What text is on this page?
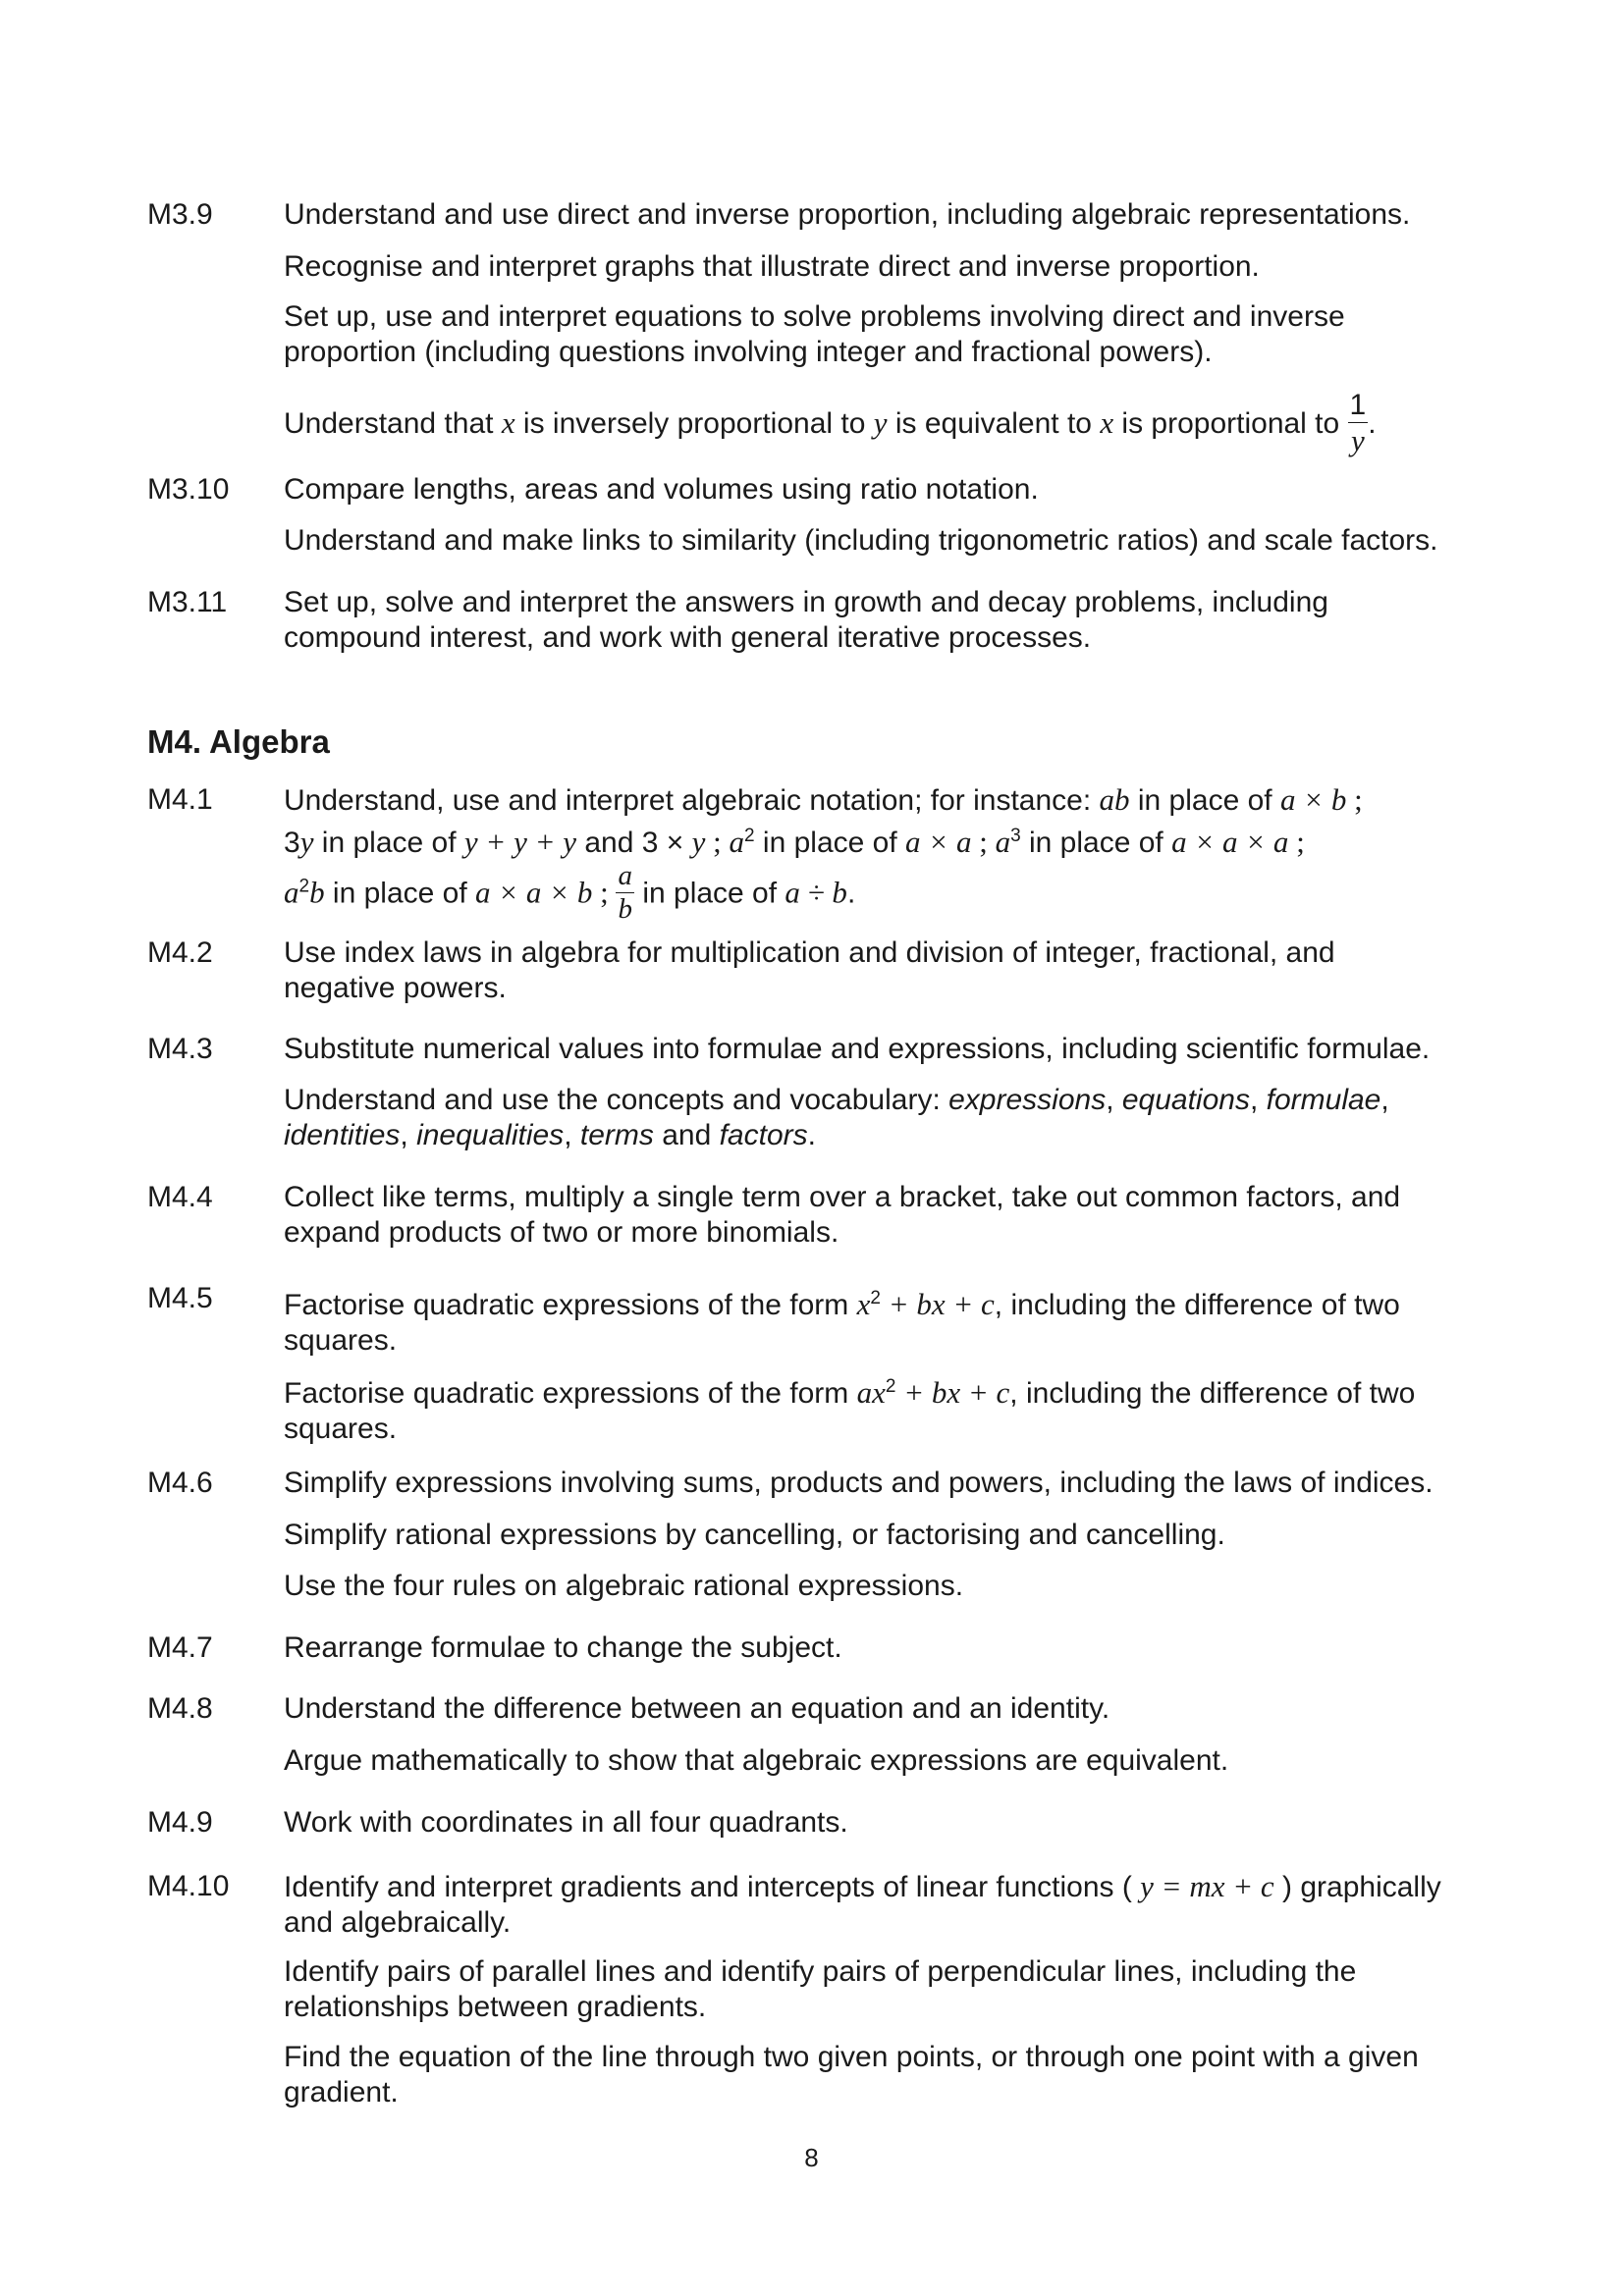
M3.9 Understand and use direct and inverse proportion, including algebraic representations.
Recognise and interpret graphs that illustrate direct and inverse proportion.
Set up, use and interpret equations to solve problems involving direct and inverse
proportion (including questions involving integer and fractional powers).
Understand that x is inversely proportional to y is equivalent to x is proportional to $\frac{1}{y}$ .
M3.10 Compare lengths, areas and volumes using ratio notation.
Understand and make links to similarity (including trigonometric ratios) and scale factors.
M3.11 Set up, solve and interpret the answers in growth and decay problems, including
compound interest, and work with general iterative processes.
M4. Algebra
M4.1 Understand, use and interpret algebraic notation; for instance: ab in place of a × b ;
3y in place of y + y + y and 3 × y ; $a^2$ in place of a × a ; $a^3$ in place of a × a × a ;
$a^2b$ in place of a × a × b ; $\frac{a}{b}$ in place of a ÷ b.
M4.2 Use index laws in algebra for multiplication and division of integer, fractional, and
negative powers.
M4.3 Substitute numerical values into formulae and expressions, including scientific formulae.
Understand and use the concepts and vocabulary: expressions, equations, formulae,
identities, inequalities, terms and factors.
M4.4 Collect like terms, multiply a single term over a bracket, take out common factors, and
expand products of two or more binomials.
M4.5 Factorise quadratic expressions of the form $x^2$ + bx + c, including the difference of two
squares.
Factorise quadratic expressions of the form $ax^2$ + bx + c, including the difference of two
squares.
M4.6 Simplify expressions involving sums, products and powers, including the laws of indices.
Simplify rational expressions by cancelling, or factorising and cancelling.
Use the four rules on algebraic rational expressions.
M4.7 Rearrange formulae to change the subject.
M4.8 Understand the difference between an equation and an identity.
Argue mathematically to show that algebraic expressions are equivalent.
M4.9 Work with coordinates in all four quadrants.
M4.10 Identify and interpret gradients and intercepts of linear functions ( y = mx + c ) graphically
and algebraically.
Identify pairs of parallel lines and identify pairs of perpendicular lines, including the
relationships between gradients.
Find the equation of the line through two given points, or through one point with a given
gradient.
8
